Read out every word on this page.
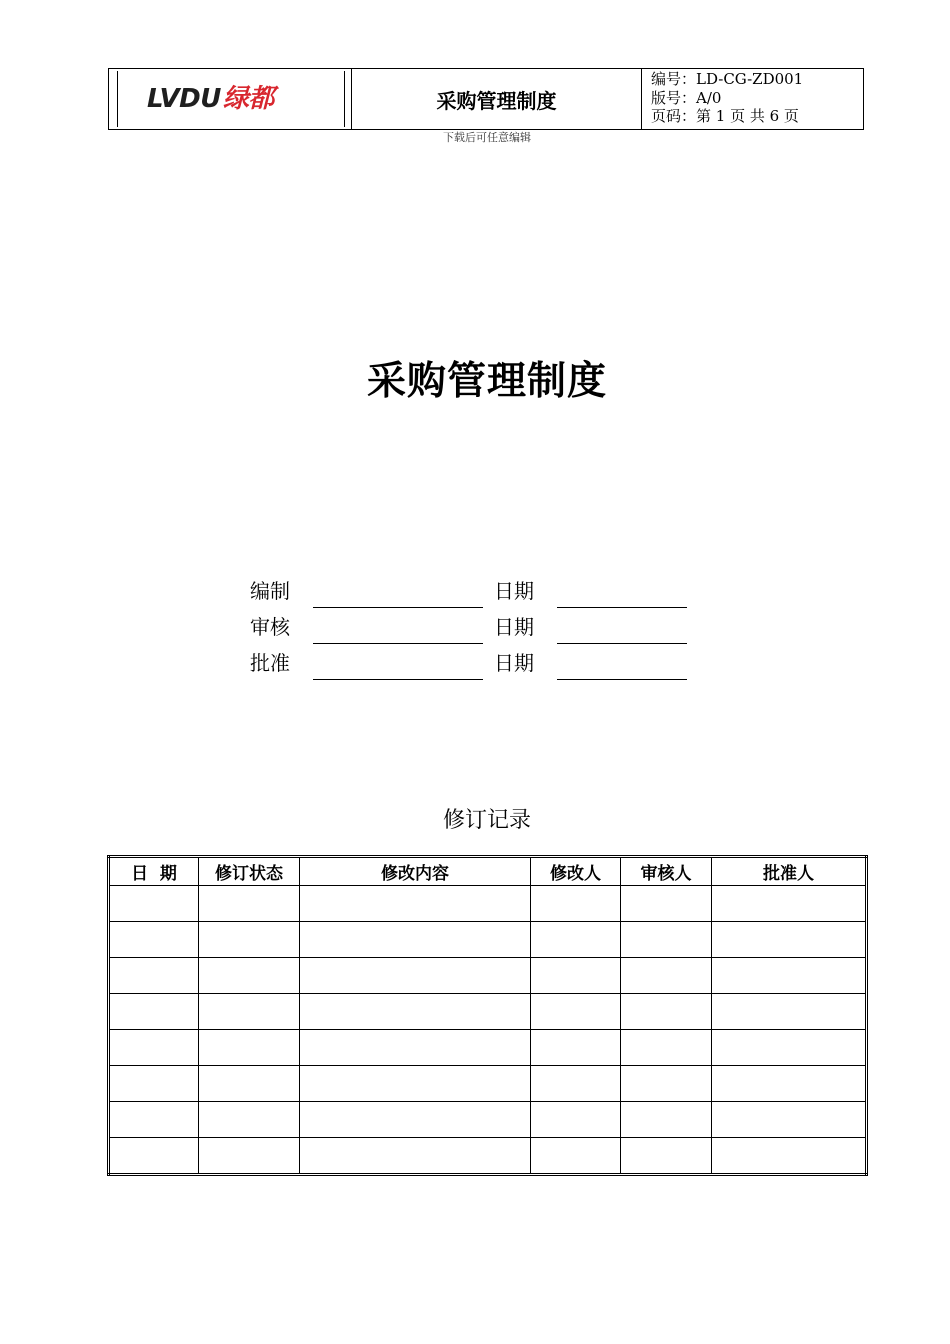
LVDU绿都	采购管理制度
编号：LD-CG-ZD001
版号：A/0
页码：第 1 页 共 6 页
下载后可任意编辑
采购管理制度
编制	日期
审核	日期
批准	日期
修订记录
日  期	修订状态	修改内容	修改人	审核人	批准人
